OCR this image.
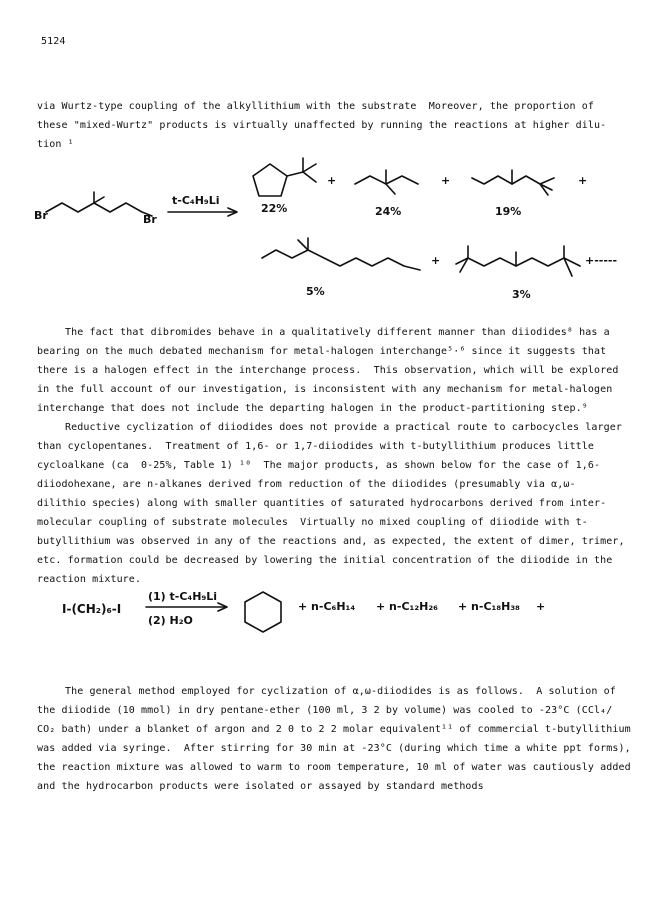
5124
via Wurtz-type coupling of the alkyllithium with the substrate  Moreover, the proportion of
these "mixed-Wurtz" products is virtually unaffected by running the reactions at higher dilu-
tion ¹
Br	Br
t-C₄H₉Li
+	+	+
+	+-----
22%	24%	19%
5%	3%
The fact that dibromides behave in a qualitatively different manner than diiodides⁸ has a
bearing on the much debated mechanism for metal-halogen interchange⁵·⁶ since it suggests that
there is a halogen effect in the interchange process.  This observation, which will be explored
in the full account of our investigation, is inconsistent with any mechanism for metal-halogen
interchange that does not include the departing halogen in the product-partitioning step.⁹
Reductive cyclization of diiodides does not provide a practical route to carbocycles larger
than cyclopentanes.  Treatment of 1,6- or 1,7-diiodides with t-butyllithium produces little
cycloalkane (ca  0-25%, Table 1) ¹⁰  The major products, as shown below for the case of 1,6-
diiodohexane, are n-alkanes derived from reduction of the diiodides (presumably via α,ω-
dilithio species) along with smaller quantities of saturated hydrocarbons derived from inter-
molecular coupling of substrate molecules  Virtually no mixed coupling of diiodide with t-
butyllithium was observed in any of the reactions and, as expected, the extent of dimer, trimer,
etc. formation could be decreased by lowering the initial concentration of the diiodide in the
reaction mixture.
I-(CH₂)₆-I
(1) t-C₄H₉Li
(2) H₂O
+ n-C₆H₁₄ + n-C₁₂H₂₆ + n-C₁₈H₃₈ +
The general method employed for cyclization of α,ω-diiodides is as follows.  A solution of
the diiodide (10 mmol) in dry pentane-ether (100 ml, 3 2 by volume) was cooled to -23°C (CCl₄/
CO₂ bath) under a blanket of argon and 2 0 to 2 2 molar equivalent¹¹ of commercial t-butyllithium
was added via syringe.  After stirring for 30 min at -23°C (during which time a white ppt forms),
the reaction mixture was allowed to warm to room temperature, 10 ml of water was cautiously added
and the hydrocarbon products were isolated or assayed by standard methods
